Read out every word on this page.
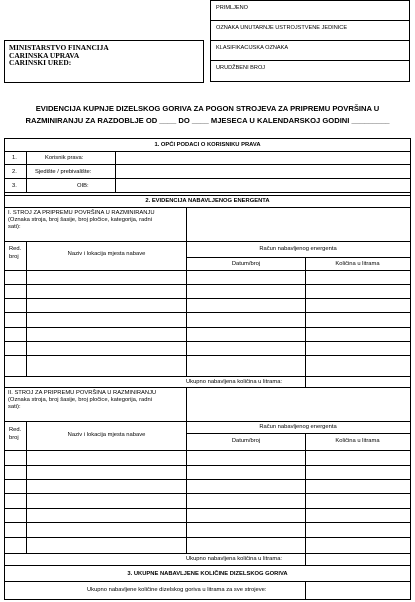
PRIMLJENO
OZNAKA UNUTARNJE USTROJSTVENE JEDINICE
KLASIFIKACIJSKA OZNAKA
URUDŽBENI BROJ
MINISTARSTVO FINANCIJA
CARINSKA UPRAVA
CARINSKI URED:
EVIDENCIJA KUPNJE DIZELSKOG GORIVA ZA POGON STROJEVA ZA PRIPREMU POVRŠINA U
RAZMINIRANJU ZA RAZDOBLJE OD ____ DO ____ MJESECA U KALENDARSKOJ GODINI _________
1. OPĆI PODACI O KORISNIKU PRAVA
1.	Korisnik prava:
2.	Sjedište / prebivalište:
3.	OIB:
2. EVIDENCIJA NABAVLJENOG ENERGENTA
I. STROJ ZA PRIPREMU POVRŠINA U RAZMINIRANJU
(Oznaka stroja, broj šasije, broj pločice, kategorija, radni
sati):
Red.
broj	Naziv i lokacija mjesta nabave
Račun nabavljenog energenta
Datum/broj	Količina u litrama
Ukupno nabavljena količina u litrama:
II. STROJ ZA PRIPREMU POVRŠINA U RAZMINIRANJU
(Oznaka stroja, broj šasije, broj pločice, kategorija, radni
sati):
Red.
broj	Naziv i lokacija mjesta nabave
Račun nabavljenog energenta
Datum/broj	Količina u litrama
Ukupno nabavljena količina u litrama:
3. UKUPNE NABAVLJENE KOLIČINE DIZELSKOG GORIVA
Ukupno nabavljene količine dizelskog goriva u litrama za sve strojeve:
